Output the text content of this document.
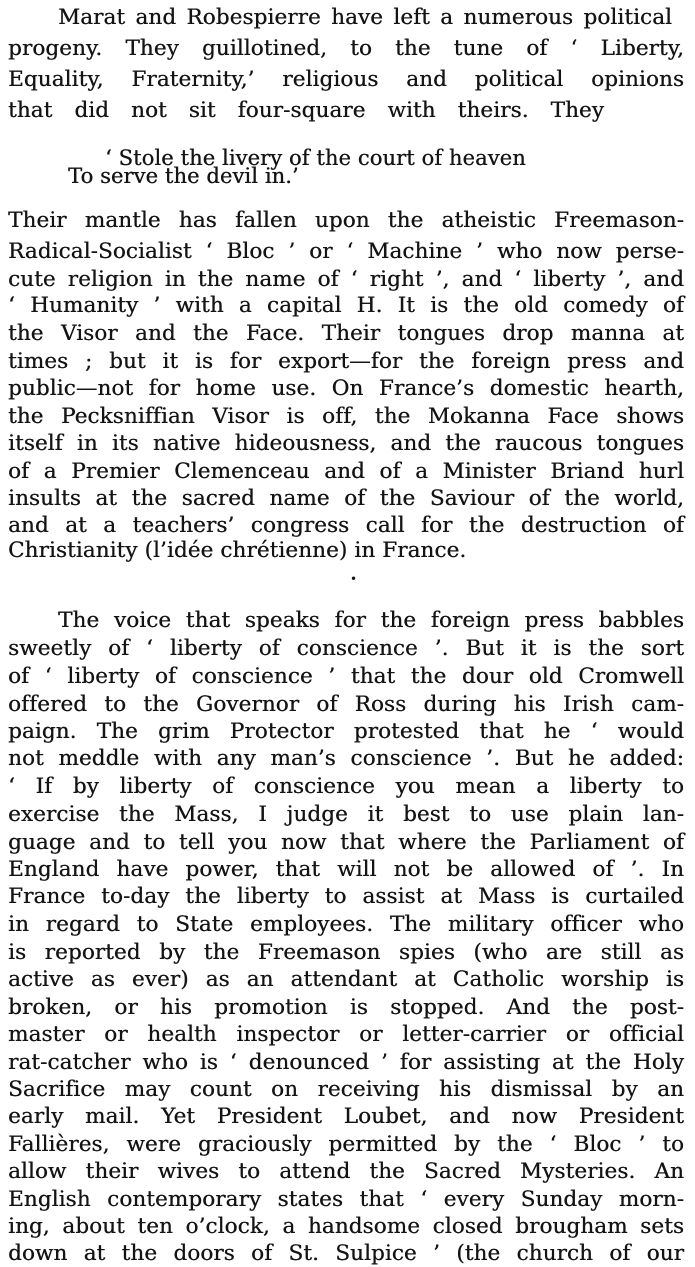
Marat and Robespierre have left a numerous political
progeny. They guillotined, to the tune of ‘ Liberty,
Equality, Fraternity,’ religious and political opinions
that did not sit four-square with theirs. They
‘ Stole the livery of the court of heaven
To serve the devil in.’
Their mantle has fallen upon the atheistic Freemason-
Radical-Socialist ‘ Bloc ’ or ‘ Machine ’ who now perse-
cute religion in the name of ‘ right ’, and ‘ liberty ’, and
‘ Humanity ’ with a capital H. It is the old comedy of
the Visor and the Face. Their tongues drop manna at
times ; but it is for export—for the foreign press and
public—not for home use. On France’s domestic hearth,
the Pecksniffian Visor is off, the Mokanna Face shows
itself in its native hideousness, and the raucous tongues
of a Premier Clemenceau and of a Minister Briand hurl
insults at the sacred name of the Saviour of the world,
and at a teachers’ congress call for the destruction of
Christianity (l’idée chrétienne) in France.
•
The voice that speaks for the foreign press babbles
sweetly of ‘ liberty of conscience ’. But it is the sort
of ‘ liberty of conscience ’ that the dour old Cromwell
offered to the Governor of Ross during his Irish cam-
paign. The grim Protector protested that he ‘ would
not meddle with any man’s conscience ’. But he added:
‘ If by liberty of conscience you mean a liberty to
exercise the Mass, I judge it best to use plain lan-
guage and to tell you now that where the Parliament of
England have power, that will not be allowed of ’. In
France to-day the liberty to assist at Mass is curtailed
in regard to State employees. The military officer who
is reported by the Freemason spies (who are still as
active as ever) as an attendant at Catholic worship is
broken, or his promotion is stopped. And the post-
master or health inspector or letter-carrier or official
rat-catcher who is ‘ denounced ’ for assisting at the Holy
Sacrifice may count on receiving his dismissal by an
early mail. Yet President Loubet, and now President
Fallières, were graciously permitted by the ‘ Bloc ’ to
allow their wives to attend the Sacred Mysteries. An
English contemporary states that ‘ every Sunday morn-
ing, about ten o’clock, a handsome closed brougham sets
down at the doors of St. Sulpice ’ (the church of our
